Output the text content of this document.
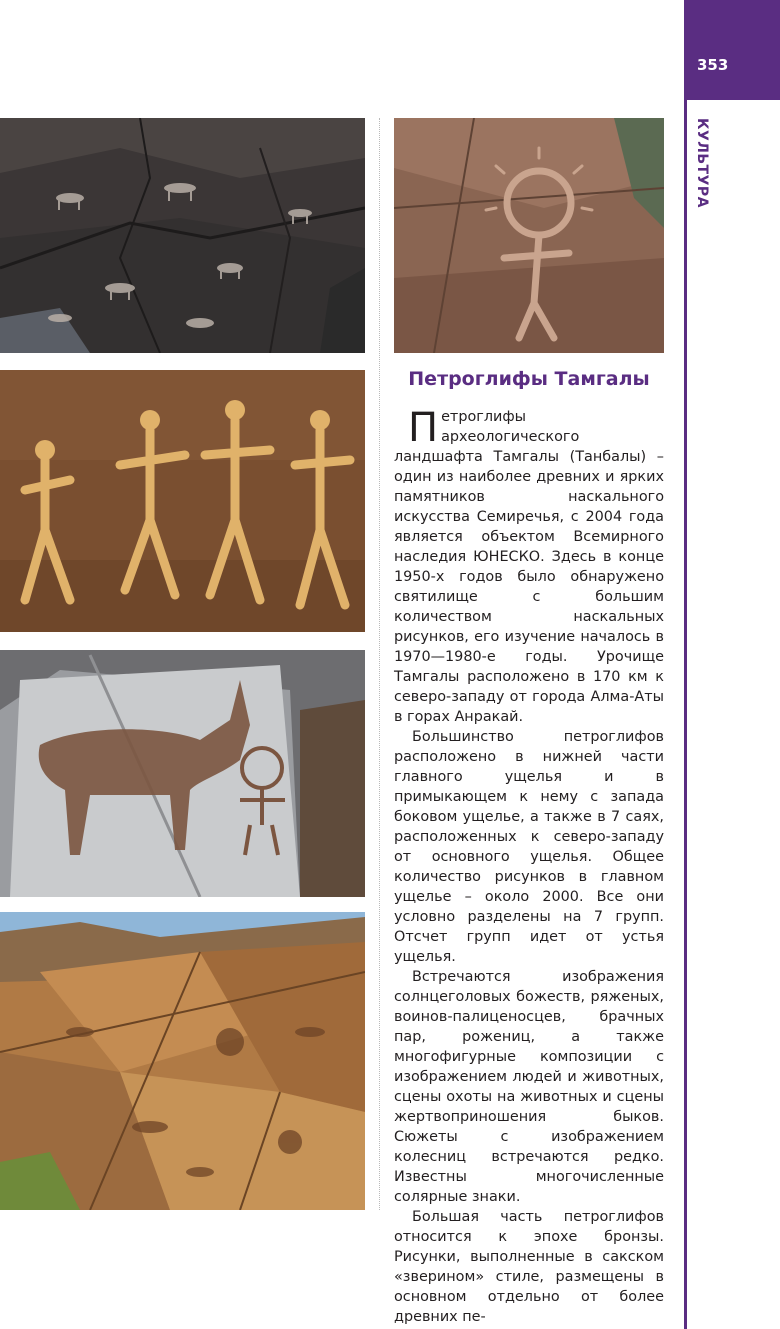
353
КУЛЬТУРА
Петроглифы Тамгалы

Петроглифы археологического ландшафта Тамгалы (Танбалы) – один из наиболее древних и ярких памятников наскального искусства Семиречья, с 2004 года является объектом Всемирного наследия ЮНЕСКО. Здесь в конце 1950-х годов было обнаружено святилище с большим количеством наскальных рисунков, его изучение началось в 1970—1980-е годы. Урочище Тамгалы расположено в 170 км к северо-западу от города Алма-Аты в горах Анракай.

Большинство петроглифов расположено в нижней части главного ущелья и в примыкающем к нему с запада боковом ущелье, а также в 7 саях, расположенных к северо-западу от основного ущелья. Общее количество рисунков в главном ущелье – около 2000. Все они условно разделены на 7 групп. Отсчет групп идет от устья ущелья.

Встречаются изображения солнцеголовых божеств, ряженых, воинов-палиценосцев, брачных пар, рожениц, а также многофигурные композиции с изображением людей и животных, сцены охоты на животных и сцены жертвоприношения быков. Сюжеты с изображением колесниц встречаются редко. Известны многочисленные солярные знаки.

Большая часть петроглифов относится к эпохе бронзы. Рисунки, выполненные в сакском «зверином» стиле, размещены в основном отдельно от более древних пе-
